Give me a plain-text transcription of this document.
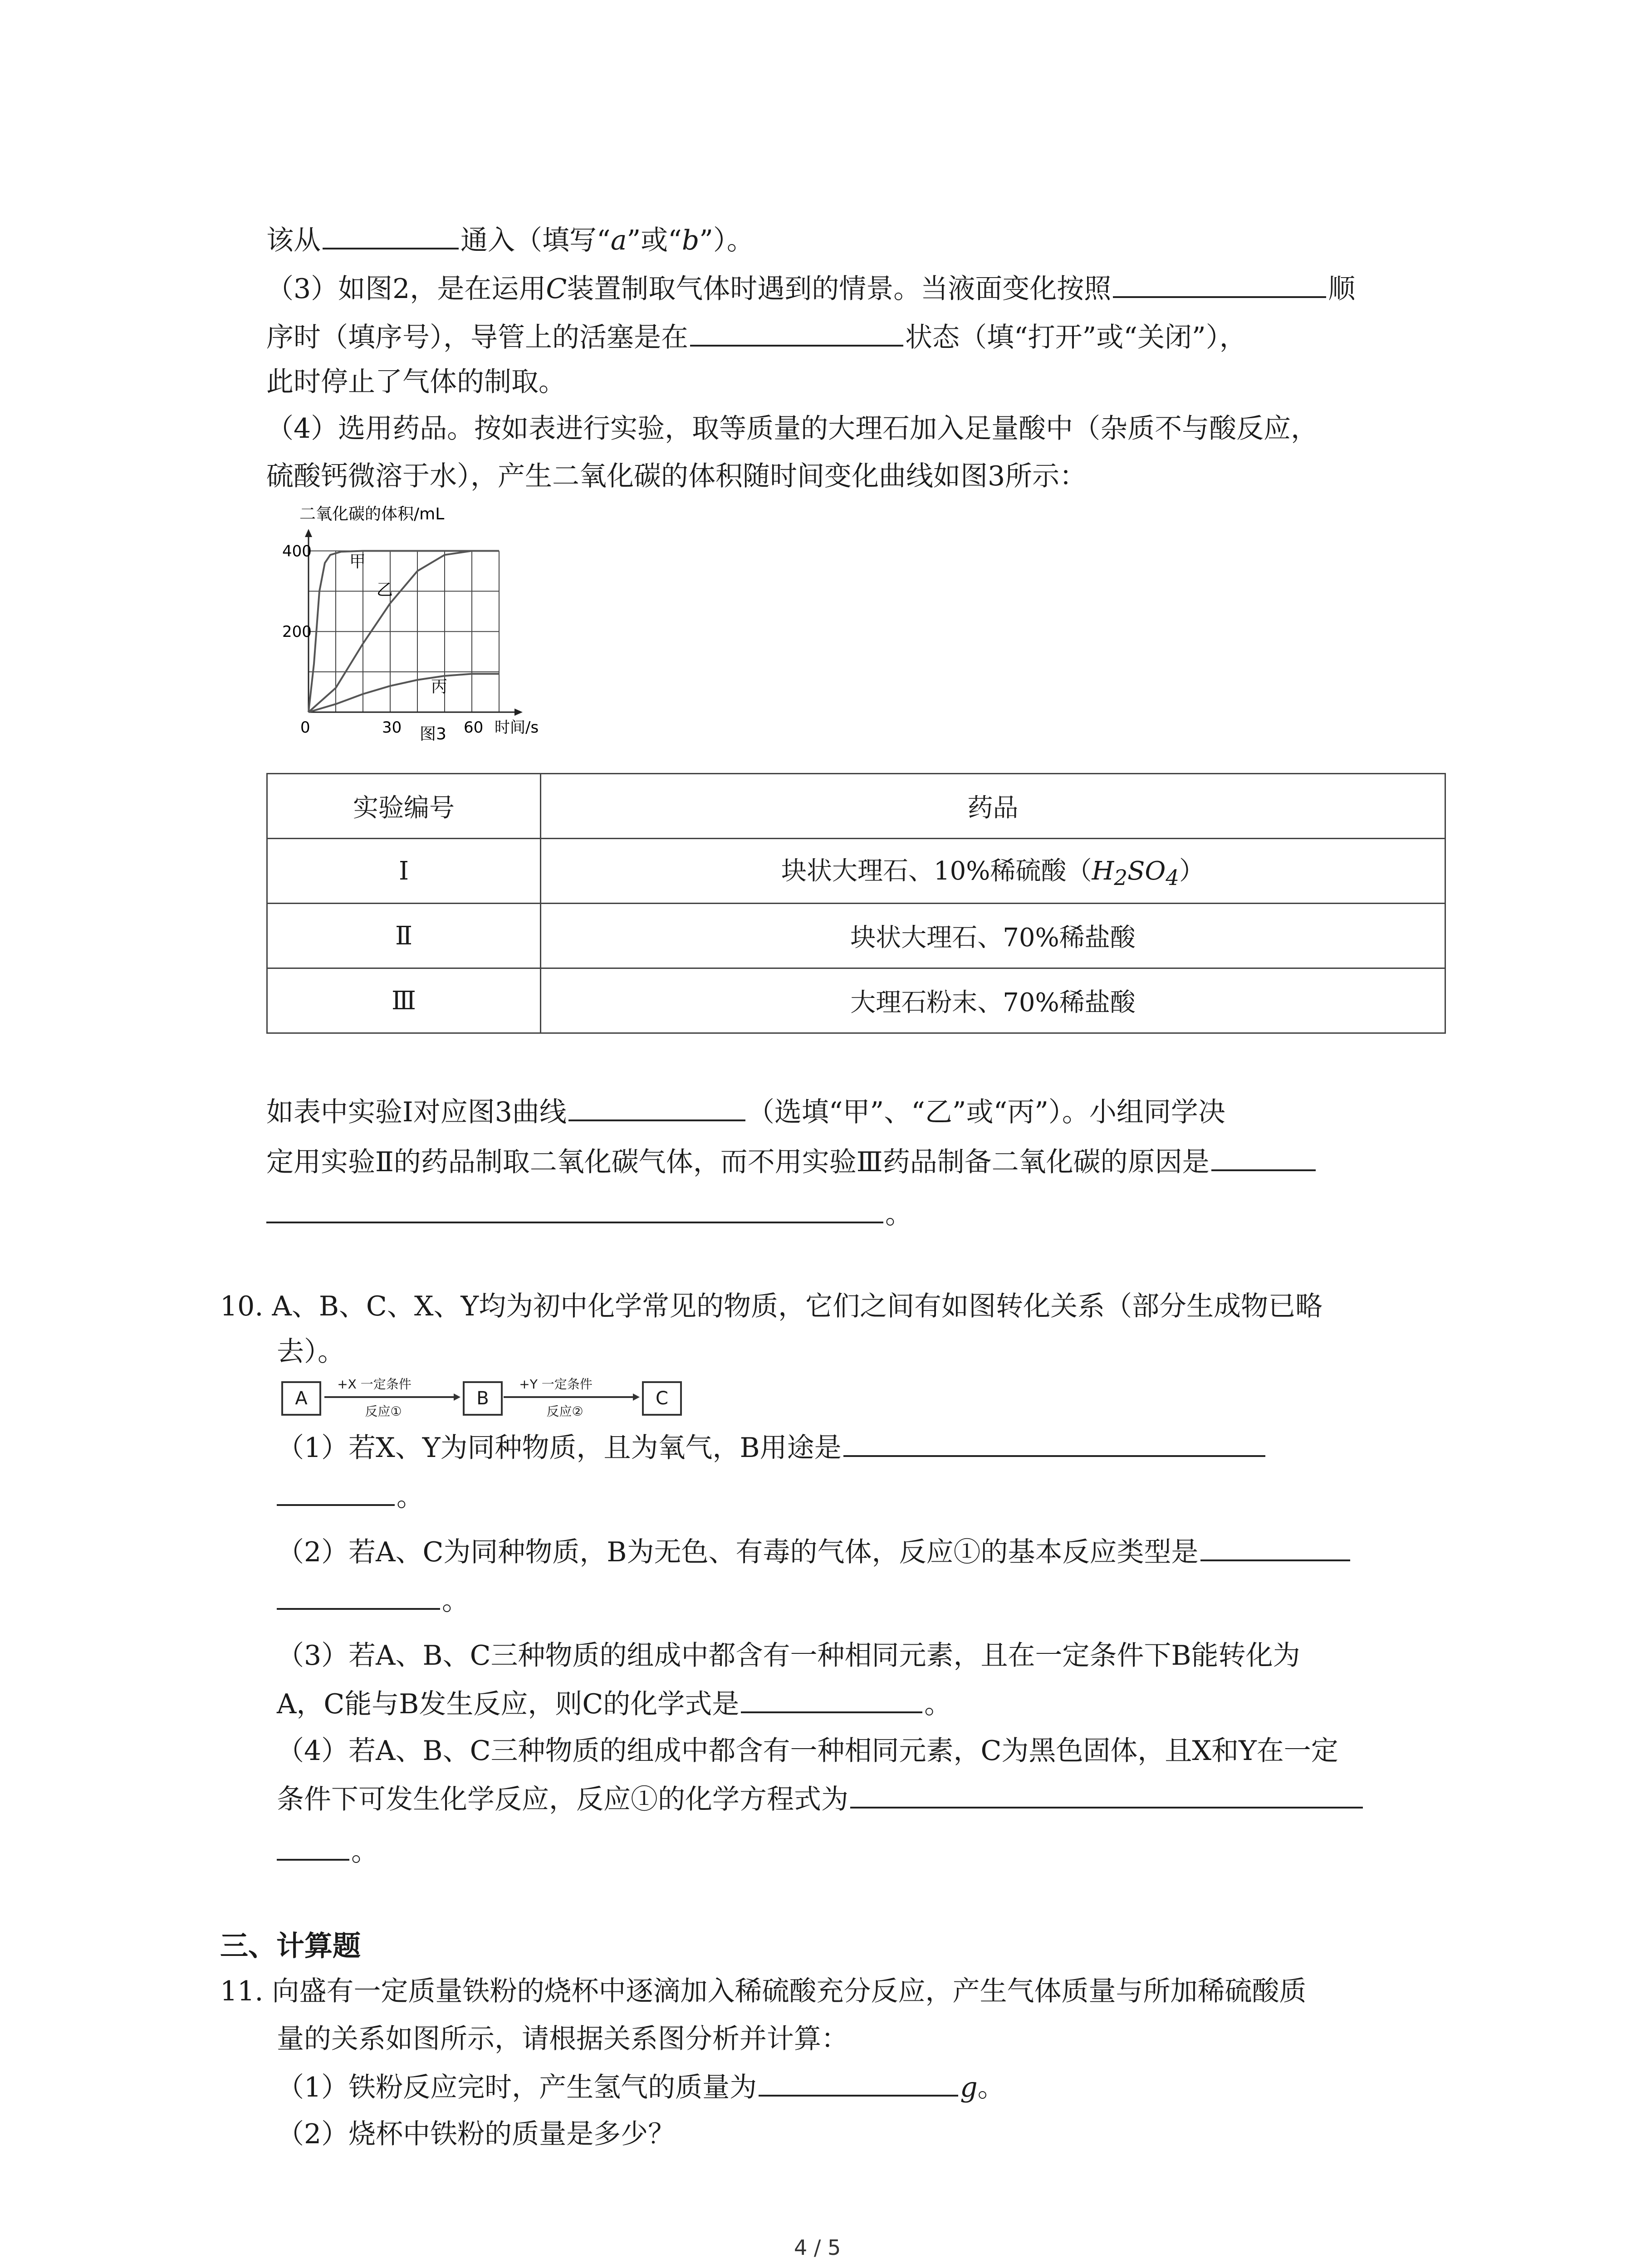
该从	通入（填写“a”或“b”）。
（3）如图2，是在运用C装置制取气体时遇到的情景。当液面变化按照	顺
序时（填序号），导管上的活塞是在	状态（填“打开”或“关闭”），
此时停止了气体的制取。
（4）选用药品。按如表进行实验，取等质量的大理石加入足量酸中（杂质不与酸反应，
硫酸钙微溶于水），产生二氧化碳的体积随时间变化曲线如图3所示：
二氧化碳的体积/mL
甲
乙
丙
400
200
0	30	60 时间/s
图3
实验编号	药品
Ⅰ	块状大理石、10%稀硫酸$(H_2SO_4)$
Ⅱ	块状大理石、70%稀盐酸
Ⅲ	大理石粉末、70%稀盐酸
如表中实验Ⅰ对应图3曲线	（选填“甲”、“乙”或“丙”）。小组同学决
定用实验Ⅱ的药品制取二氧化碳气体，而不用实验Ⅲ药品制备二氧化碳的原因是
。
10. A、B、C、X、Y均为初中化学常见的物质，它们之间有如图转化关系（部分生成物已略
去）。
A
+X 一定条件
反应①
B
+Y 一定条件
反应②
C
（1）若X、Y为同种物质，且为氧气，B用途是
。
（2）若A、C为同种物质，B为无色、有毒的气体，反应①的基本反应类型是
。
（3）若A、B、C三种物质的组成中都含有一种相同元素，且在一定条件下B能转化为
A，C能与B发生反应，则C的化学式是	。
（4）若A、B、C三种物质的组成中都含有一种相同元素，C为黑色固体，且X和Y在一定
条件下可发生化学反应，反应①的化学方程式为
。
三、计算题
11. 向盛有一定质量铁粉的烧杯中逐滴加入稀硫酸充分反应，产生气体质量与所加稀硫酸质
量的关系如图所示，请根据关系图分析并计算：
（1）铁粉反应完时，产生氢气的质量为	g。
（2）烧杯中铁粉的质量是多少？
4 / 5
